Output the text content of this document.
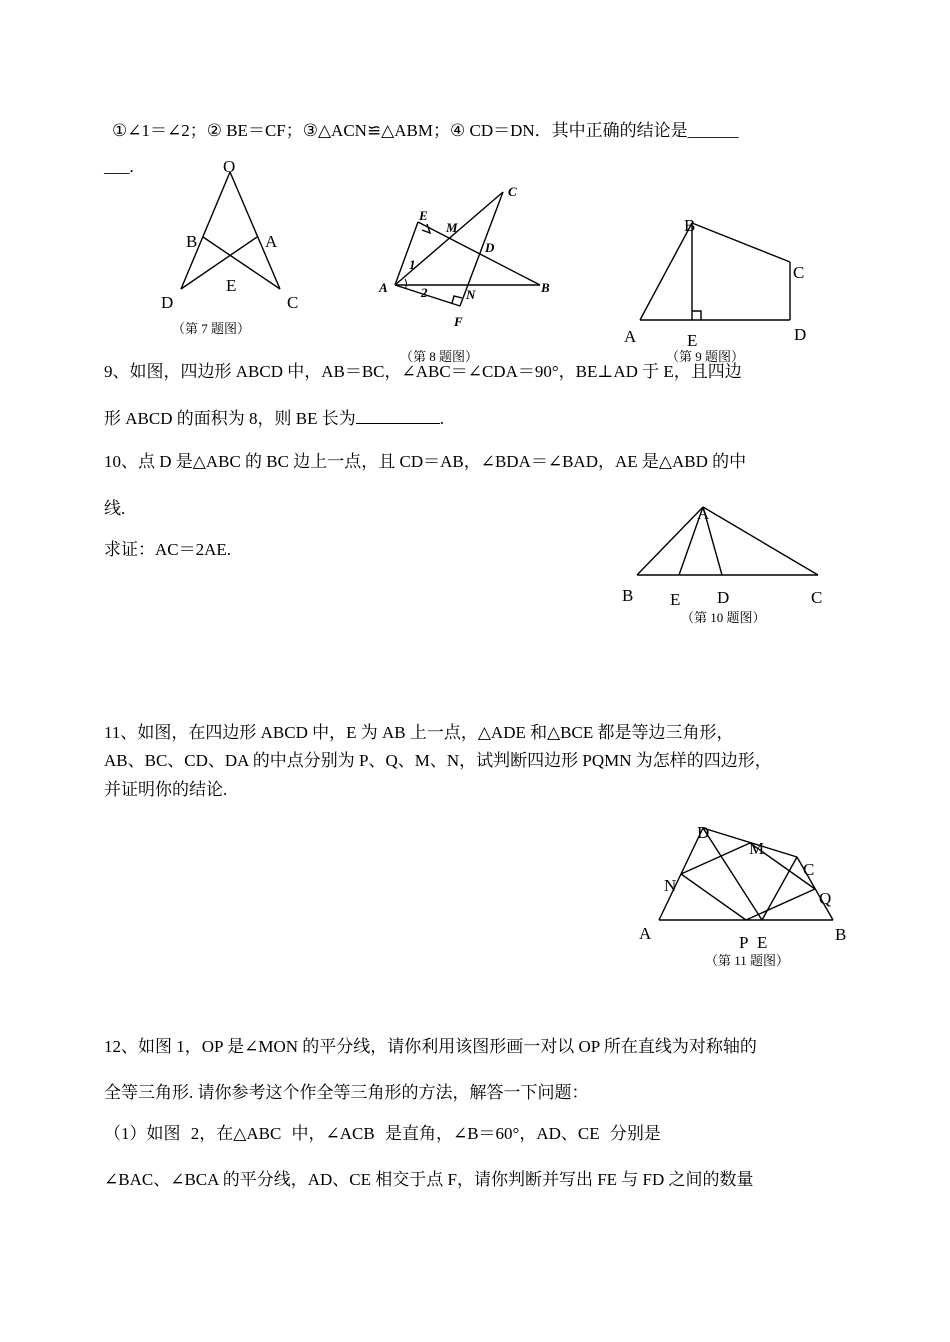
①∠1＝∠2；② BE＝CF；③△ACN≌△ABM；④ CD＝DN．其中正确的结论是______
___.	O
B	A
E
D	C
（第 7 题图）
E
M
C
D
A	N	B
F
1
2
（第 8 题图）
B
C
A	E	D
（第 9 题图）
9、如图，四边形 ABCD 中，AB＝BC，∠ABC＝∠CDA＝90°，BE⊥AD 于 E，且四边
形 ABCD 的面积为 8，则 BE 长为	.
10、点 D 是△ABC 的 BC 边上一点，且 CD＝AB，∠BDA＝∠BAD，AE 是△ABD 的中
线.
求证：AC＝2AE.
A
B E D	C
（第 10 题图）
11、如图，在四边形 ABCD 中，E 为 AB 上一点，△ADE 和△BCE 都是等边三角形，
AB、BC、CD、DA 的中点分别为 P、Q、M、N，试判断四边形 PQMN 为怎样的四边形，
并证明你的结论.
D
M
C
N
Q
A	P E	B
（第 11 题图）
12、如图 1，OP 是∠MON 的平分线，请你利用该图形画一对以 OP 所在直线为对称轴的
全等三角形. 请你参考这个作全等三角形的方法，解答一下问题：
（1）如图 2，在△ABC 中，∠ACB 是直角，∠B＝60°，AD、CE 分别是
∠BAC、∠BCA 的平分线，AD、CE 相交于点 F，请你判断并写出 FE 与 FD 之间的数量
